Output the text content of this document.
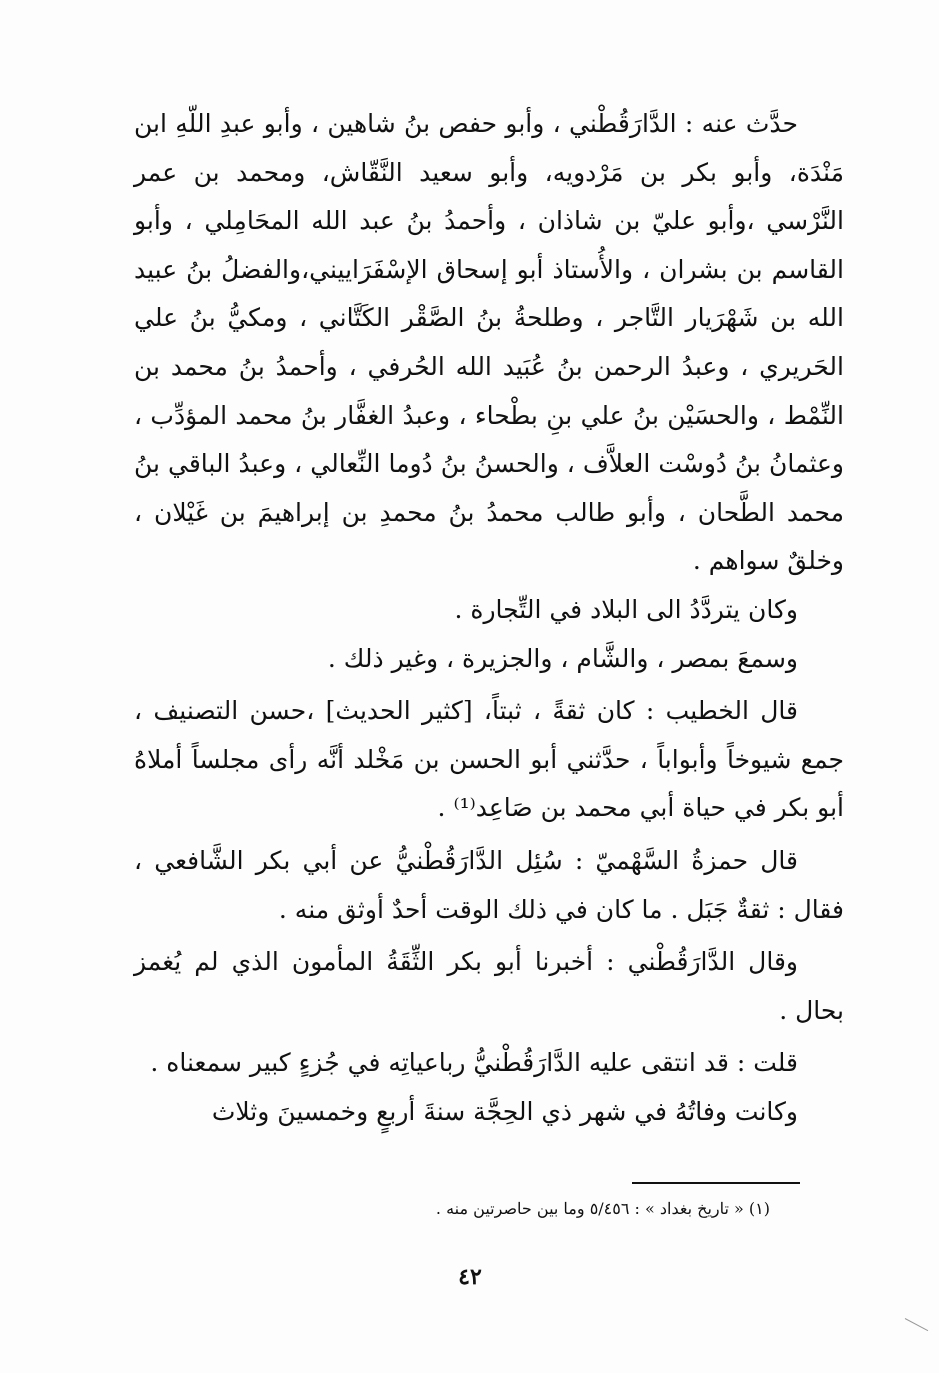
حدَّث عنه : الدَّارَقُطْني ، وأبو حفص بنُ شاهين ، وأبو عبدِ اللّهِ ابن مَنْدَة، وأبو بكر بن مَرْدويه، وأبو سعيد النَّقّاش، ومحمد بن عمر النَّرْسي ،وأبو عليّ بن شاذان ، وأحمدُ بنُ عبد الله المحَامِلي ، وأبو القاسم بن بشران ، والأُستاذ أبو إسحاق الإسْفَرَاييني،والفضلُ بنُ عبيد الله بن شَهْرَيار التَّاجر ، وطلحةُ بنُ الصَّقْر الكَتَّاني ، ومكيُّ بنُ علي الحَريري ، وعبدُ الرحمن بنُ عُبَيد الله الحُرفي ، وأحمدُ بنُ محمد بن النِّمْط ، والحسَيْن بنُ علي بنِ بطْحاء ، وعبدُ الغفَّار بنُ محمد المؤدِّب ، وعثمانُ بنُ دُوسْت العلاَّف ، والحسنُ بنُ دُوما النِّعالي ، وعبدُ الباقي بنُ محمد الطَّحان ، وأبو طالب محمدُ بنُ محمدِ بن إبراهيمَ بن غَيْلان ، وخلقٌ سواهم .

وكان يتردَّدُ الى البلاد في التِّجارة .

وسمعَ بمصر ، والشَّام ، والجزيرة ، وغير ذلك .

قال الخطيب : كان ثقةً ، ثبتاً، [كثير الحديث] ،حسن التصنيف ، جمع شيوخاً وأبواباً ، حدَّثني أبو الحسن بن مَخْلد أنَّه رأى مجلساً أملاهُ أبو بكر في حياة أبي محمد بن صَاعِد⁽¹⁾ .

قال حمزةُ السَّهْميّ : سُئِل الدَّارَقُطْنيُّ عن أبي بكر الشَّافعي ، فقال : ثقةٌ جَبَل . ما كان في ذلك الوقت أحدٌ أوثق منه .

وقال الدَّارَقُطْني : أخبرنا أبو بكر الثِّقَةُ المأمون الذي لم يُغمز بحال .

قلت : قد انتقى عليه الدَّارَقُطْنيُّ رباعياتِه في جُزءٍ كبير سمعناه .

وكانت وفاتُهُ في شهر ذي الحِجَّة سنةَ أربعٍ وخمسينَ وثلاث

(١) « تاريخ بغداد » : ٥/٤٥٦ وما بين حاصرتين منه .
٤٢
